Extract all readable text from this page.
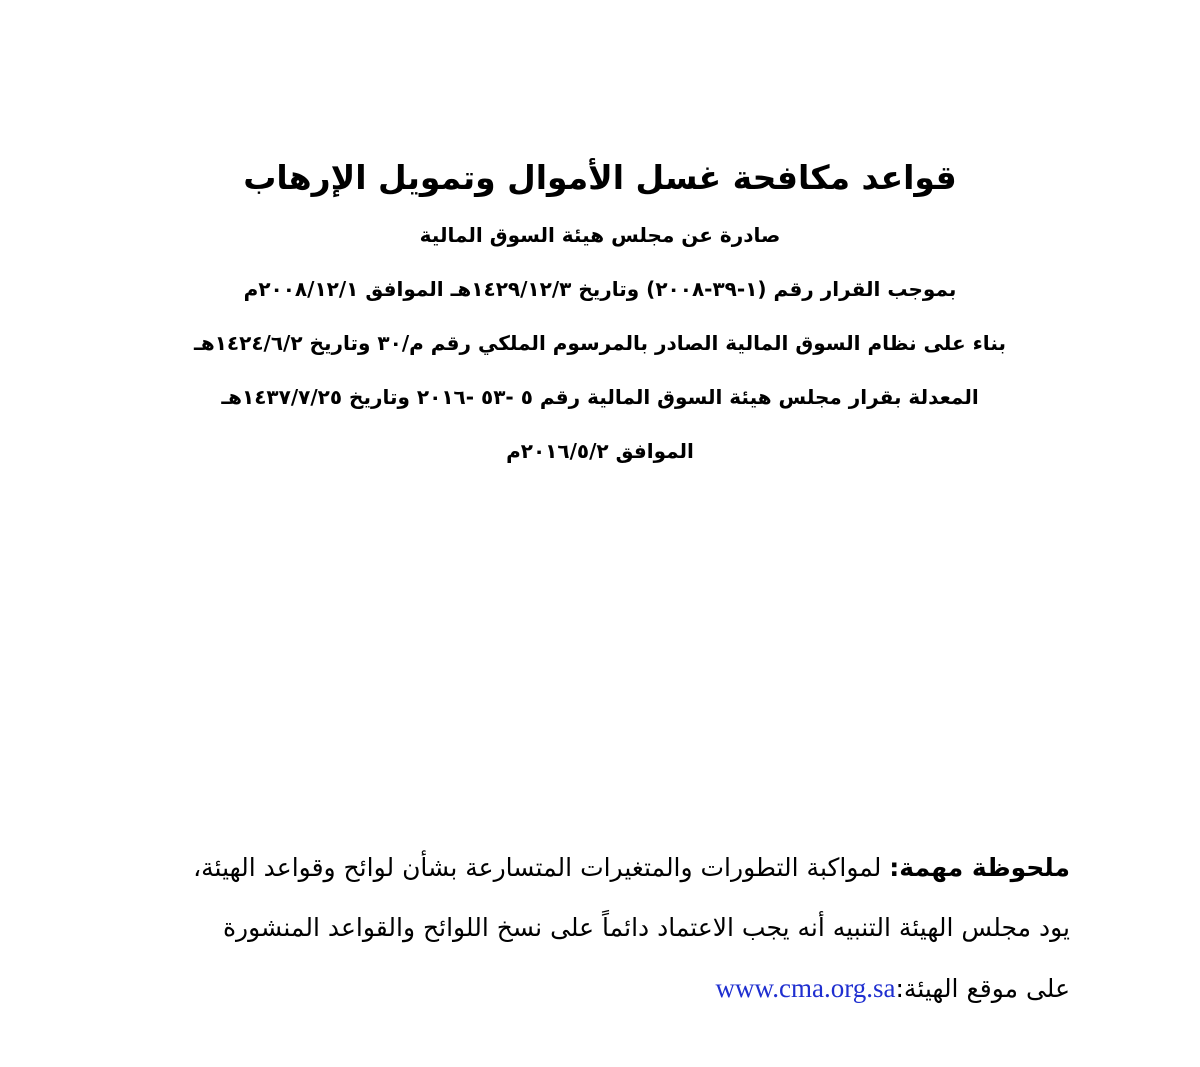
قواعد مكافحة غسل الأموال وتمويل الإرهاب

صادرة عن مجلس هيئة السوق المالية

بموجب القرار رقم (١-٣٩-٢٠٠٨) وتاريخ ١٤٢٩/١٢/٣هـ الموافق ٢٠٠٨/١٢/١م

بناء على نظام السوق المالية الصادر بالمرسوم الملكي رقم م/٣٠ وتاريخ ١٤٢٤/٦/٢هـ

المعدلة بقرار مجلس هيئة السوق المالية رقم ٥ -٥٣ -٢٠١٦ وتاريخ ١٤٣٧/٧/٢٥هـ

الموافق ٢٠١٦/٥/٢م

ملحوظة مهمة: لمواكبة التطورات والمتغيرات المتسارعة بشأن لوائح وقواعد الهيئة،

يود مجلس الهيئة التنبيه أنه يجب الاعتماد دائماً على نسخ اللوائح والقواعد المنشورة

على موقع الهيئة:www.cma.org.sa
